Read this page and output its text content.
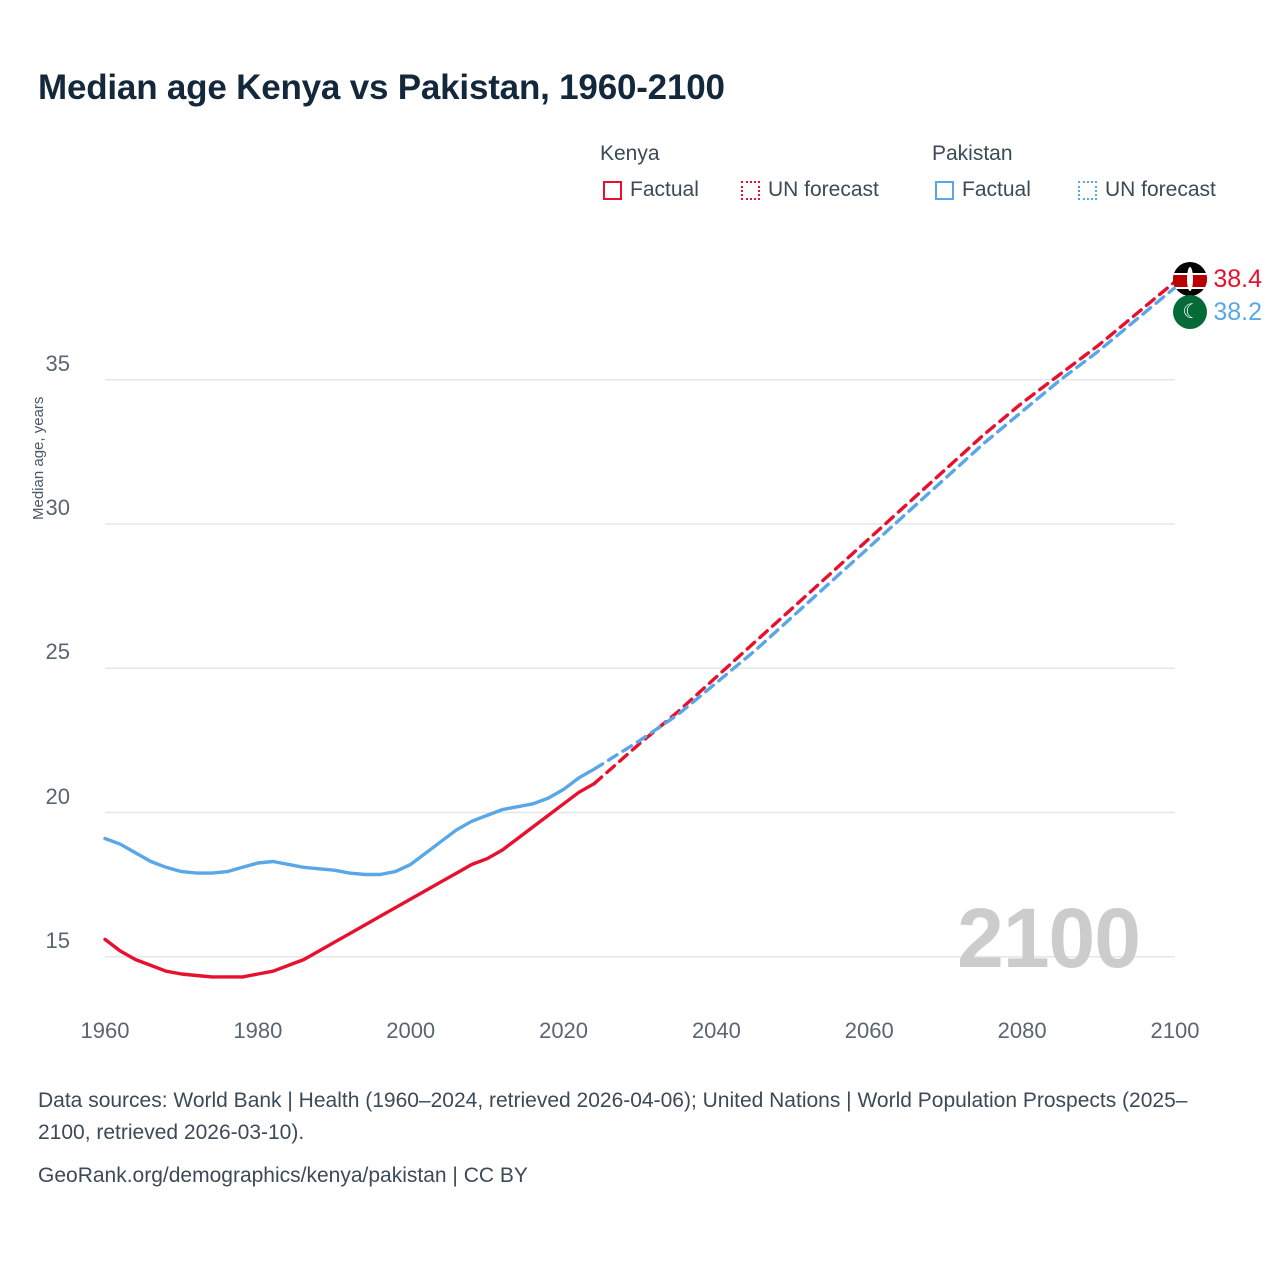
Median age Kenya vs Pakistan, 1960-2100
Kenya	Pakistan
Factual	UN forecast	Factual	UN forecast
Median age, years
15
20
25
30
35
1960	1980	2000	2020	2040	2060	2080	2100
2100
38.4
☾ 38.2
Data sources: World Bank | Health (1960–2024, retrieved 2026-04-06); United Nations | World Population Prospects (2025–2100, retrieved 2026-03-10).
GeoRank.org/demographics/kenya/pakistan | CC BY
